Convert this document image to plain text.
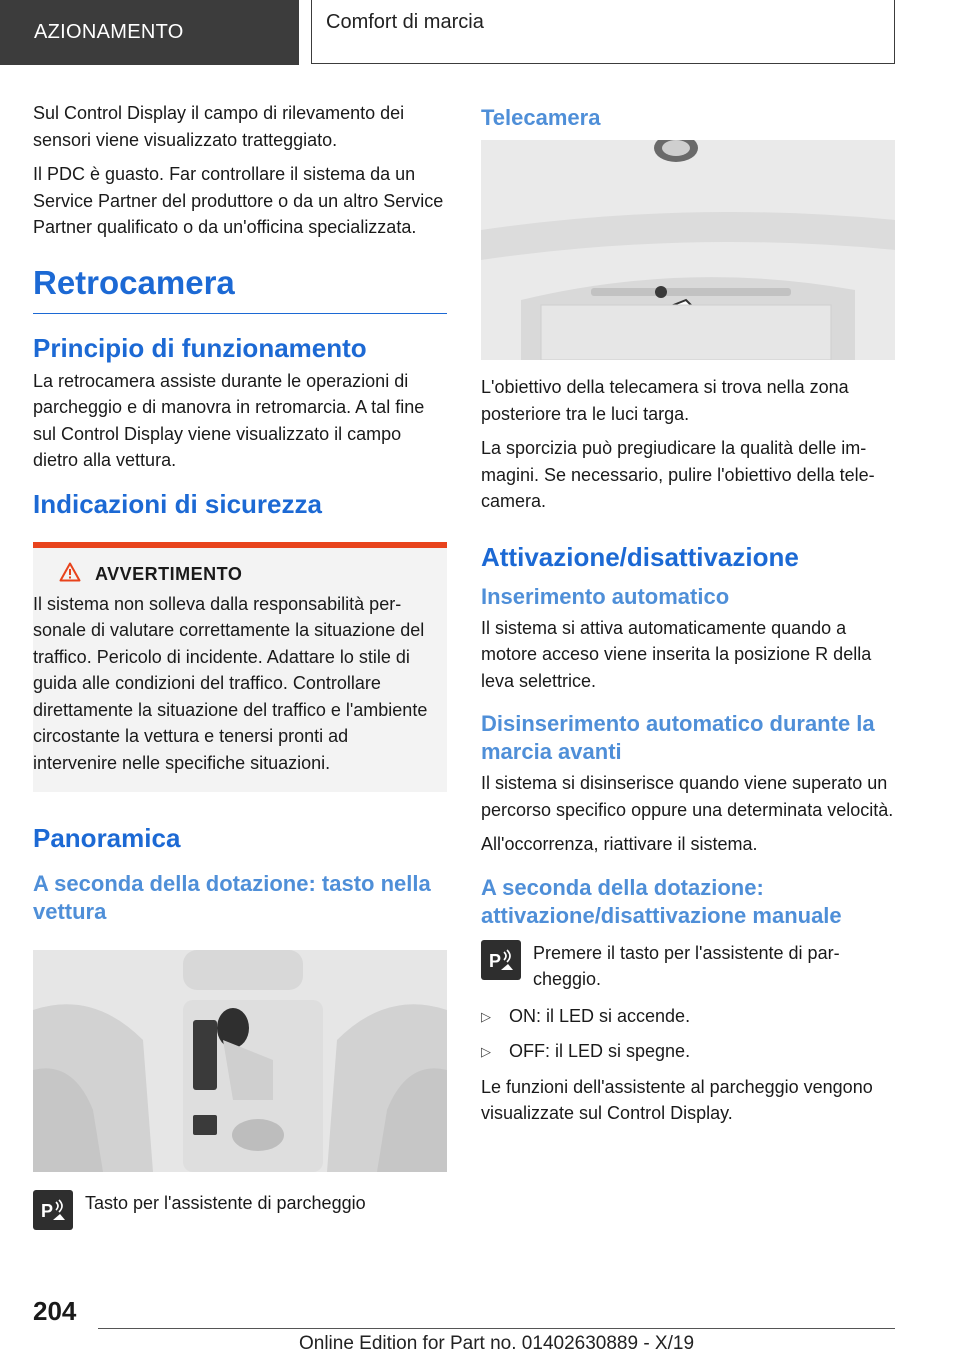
AZIONAMENTO	Comfort di marcia

Sul Control Display il campo di rilevamento dei sensori viene visualizzato tratteggiato.

Il PDC è guasto. Far controllare il sistema da un Service Partner del produttore o da un altro Service Partner qualificato o da un'officina specializzata.

Retrocamera
Principio di funzionamento

La retrocamera assiste durante le operazioni di parcheggio e di manovra in retromarcia. A tal fine sul Control Display viene visualizzato il campo dietro alla vettura.

Indicazioni di sicurezza
AVVERTIMENTO

Il sistema non solleva dalla responsabilità personale di valutare correttamente la situazione del traffico. Pericolo di incidente. Adattare lo stile di guida alle condizioni del traffico. Controllare direttamente la situazione del traffico e l'ambiente circostante la vettura e tenersi pronti ad intervenire nelle specifiche situazioni.

Panoramica
A seconda della dotazione: tasto nella vettura
P Tasto per l'assistente di parcheggio

Telecamera

L'obiettivo della telecamera si trova nella zona posteriore tra le luci targa.

La sporcizia può pregiudicare la qualità delle immagini. Se necessario, pulire l'obiettivo della telecamera.

Attivazione/disattivazione
Inserimento automatico

Il sistema si attiva automaticamente quando a motore acceso viene inserita la posizione R della leva selettrice.

Disinserimento automatico durante la marcia avanti

Il sistema si disinserisce quando viene superato un percorso specifico oppure una determinata velocità.

All'occorrenza, riattivare il sistema.

A seconda della dotazione: attivazione/disattivazione manuale
P Premere il tasto per l'assistente di parcheggio.

▷	ON: il LED si accende.
▷	OFF: il LED si spegne.

Le funzioni dell'assistente al parcheggio vengono visualizzate sul Control Display.

204
Online Edition for Part no. 01402630889 - X/19
